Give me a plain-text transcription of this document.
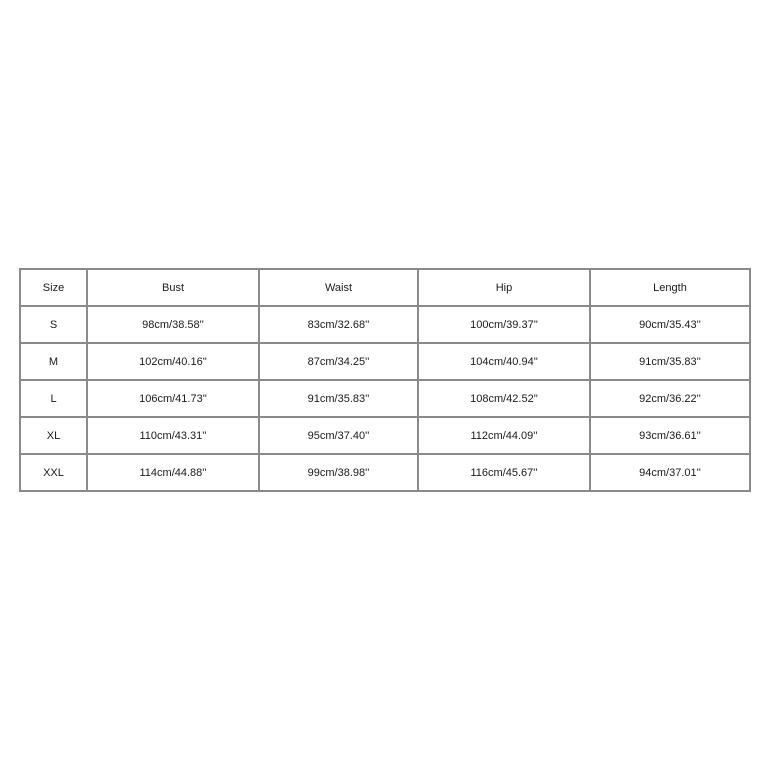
Size	Bust	Waist	Hip	Length
S	98cm/38.58''	83cm/32.68''	100cm/39.37''	90cm/35.43''
M	102cm/40.16''	87cm/34.25''	104cm/40.94''	91cm/35.83''
L	106cm/41.73''	91cm/35.83''	108cm/42.52''	92cm/36.22''
XL	110cm/43.31''	95cm/37.40''	112cm/44.09''	93cm/36.61''
XXL	114cm/44.88''	99cm/38.98''	116cm/45.67''	94cm/37.01''
